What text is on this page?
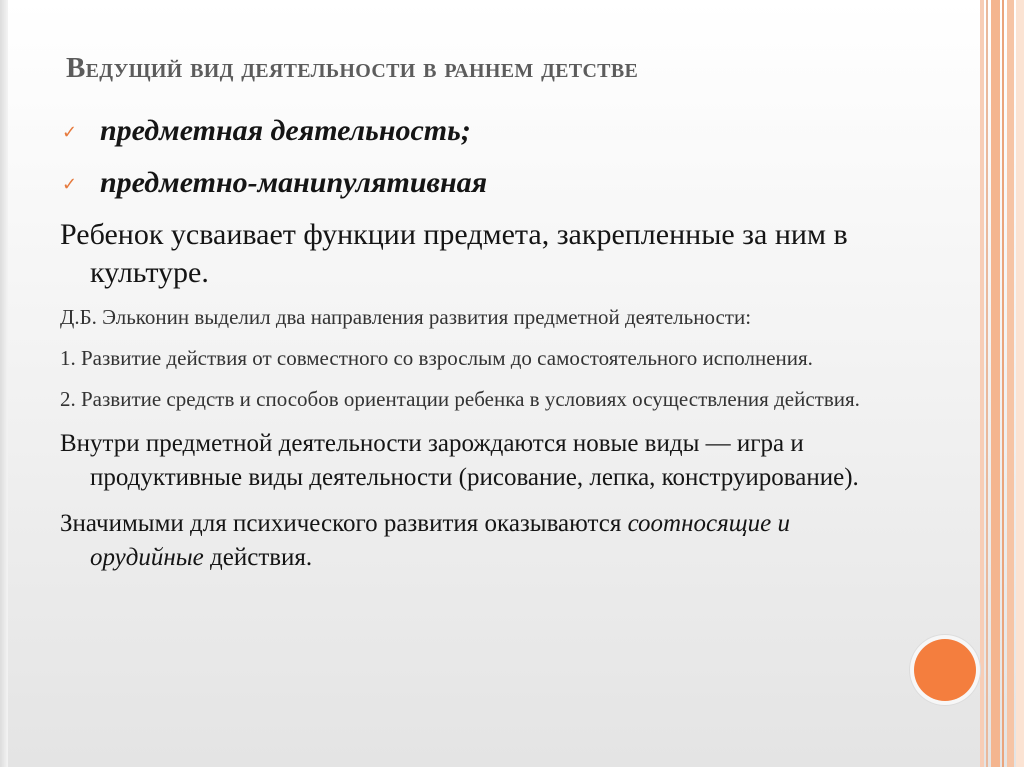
Ведущий вид деятельности в раннем детстве
✓ предметная деятельность;
✓ предметно-манипулятивная
Ребенок усваивает функции предмета, закрепленные за ним в культуре.
Д.Б. Эльконин выделил два направления развития предметной деятельности:
1. Развитие действия от совместного со взрослым до самостоятельного исполнения.
2. Развитие средств и способов ориентации ребенка в условиях осуществления действия.
Внутри предметной деятельности зарождаются новые виды — игра и продуктивные виды деятельности (рисование, лепка, конструирование).
Значимыми для психического развития оказываются соотносящие и орудийные действия.
